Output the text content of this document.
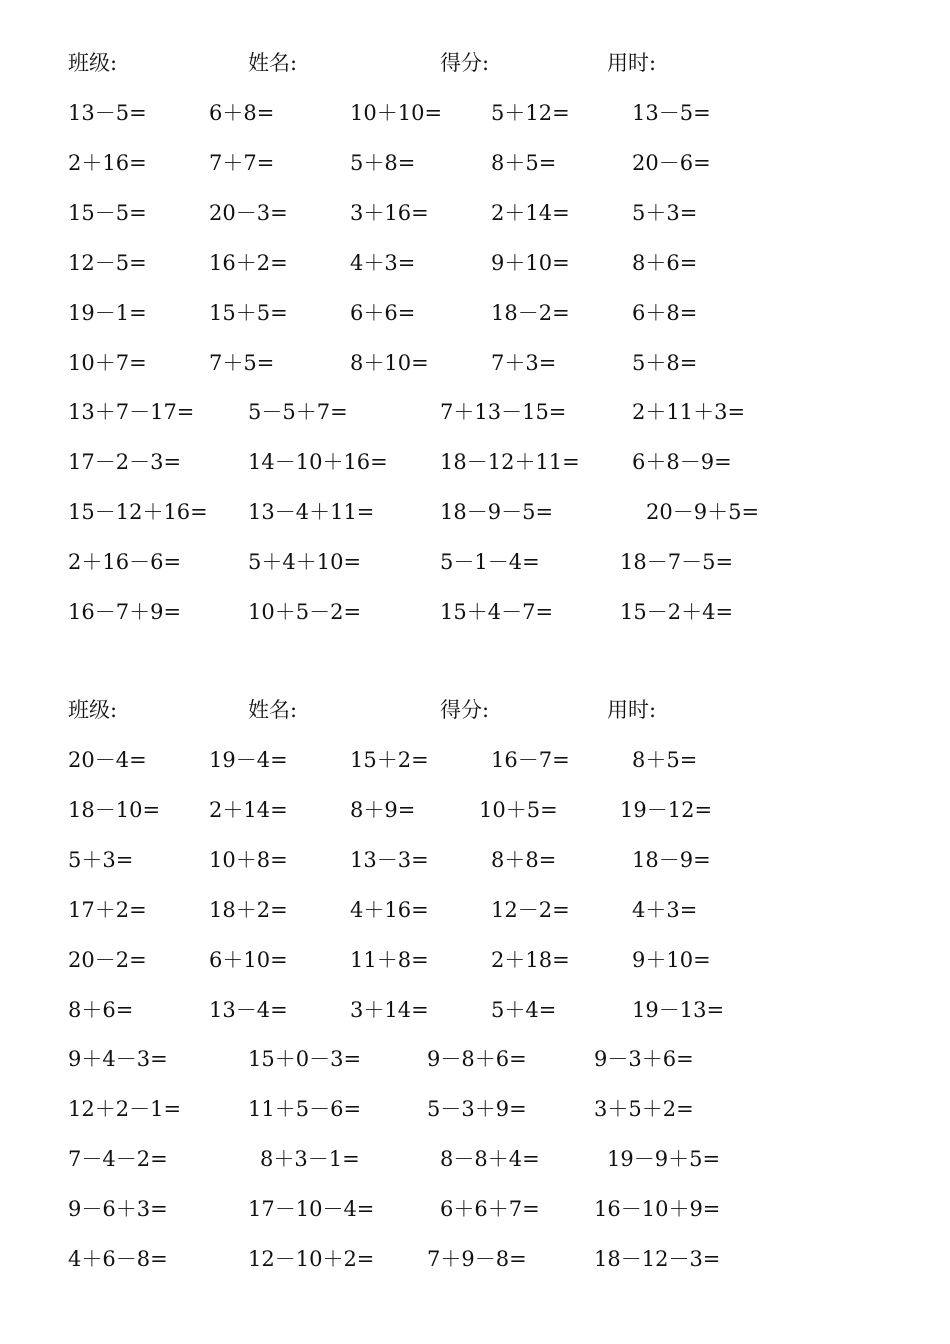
班级:	姓名:	得分:	用时:
13－5=	6＋8=	10＋10= 5＋12=	13－5=
2＋16=	7＋7=	5＋8=	8＋5=	20－6=
15－5=	20－3=	3＋16=	2＋14=	5＋3=
12－5=	16＋2=	4＋3=	9＋10=	8＋6=
19－1=	15＋5=	6＋6=	18－2=	6＋8=
10＋7=	7＋5=	8＋10=	7＋3=	5＋8=
13＋7－17=	5－5＋7=	7＋13－15=	2＋11＋3=
17－2－3=	14－10＋16= 18－12＋11= 6＋8－9=
15－12＋16= 13－4＋11=	18－9－5=	20－9＋5=
2＋16－6=	5＋4＋10=	5－1－4=	18－7－5=
16－7＋9=	10＋5－2=	15＋4－7=	15－2＋4=
班级:	姓名:	得分:	用时:
20－4=	19－4=	15＋2=	16－7=	8＋5=
18－10= 2＋14=	8＋9=	10＋5=	19－12=
5＋3=	10＋8=	13－3=	8＋8=	18－9=
17＋2=	18＋2=	4＋16=	12－2=	4＋3=
20－2=	6＋10=	11＋8=	2＋18=	9＋10=
8＋6=	13－4=	3＋14=	5＋4=	19－13=
9＋4－3=	15＋0－3=	9－8＋6=	9－3＋6=
12＋2－1=	11＋5－6=	5－3＋9=	3＋5＋2=
7－4－2=	8＋3－1=	8－8＋4=	19－9＋5=
9－6＋3=	17－10－4=	6＋6＋7=	16－10＋9=
4＋6－8=	12－10＋2=	7＋9－8=	18－12－3=
